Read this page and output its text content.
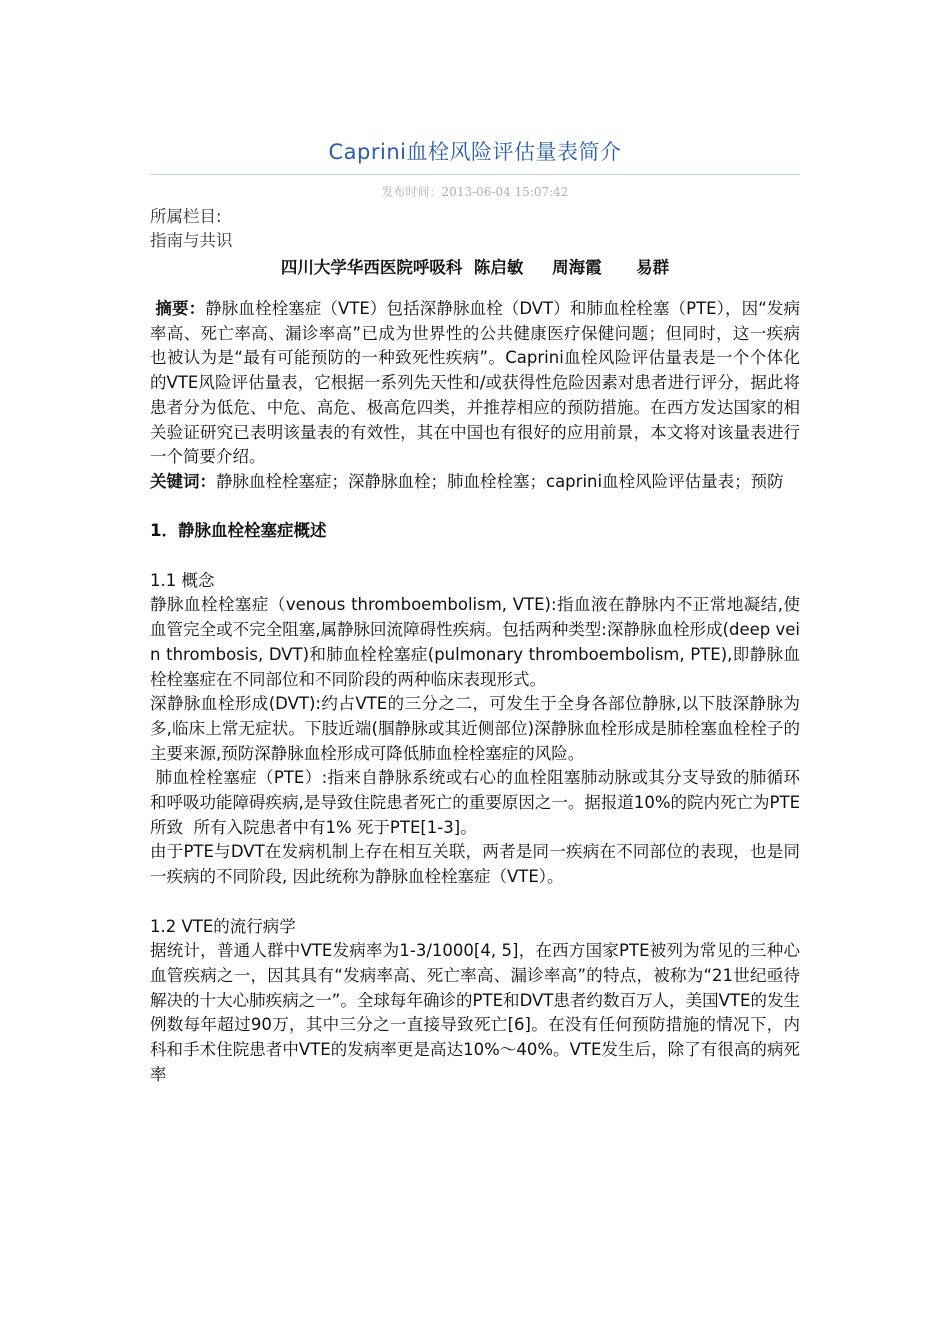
Caprini血栓风险评估量表简介
发布时间：2013-06-04 15:07:42
所属栏目:
指南与共识
四川大学华西医院呼吸科  陈启敏     周海霞      易群

摘要：静脉血栓栓塞症（VTE）包括深静脉血栓（DVT）和肺血栓栓塞（PTE），因“发病率高、死亡率高、漏诊率高”已成为世界性的公共健康医疗保健问题；但同时，这一疾病也被认为是“最有可能预防的一种致死性疾病”。Caprini血栓风险评估量表是一个个体化的VTE风险评估量表，它根据一系列先天性和/或获得性危险因素对患者进行评分，据此将患者分为低危、中危、高危、极高危四类，并推荐相应的预防措施。在西方发达国家的相关验证研究已表明该量表的有效性，其在中国也有很好的应用前景，本文将对该量表进行一个简要介绍。

关键词：静脉血栓栓塞症；深静脉血栓；肺血栓栓塞；caprini血栓风险评估量表；预防

1．静脉血栓栓塞症概述

1.1 概念

静脉血栓栓塞症（venous thromboembolism, VTE):指血液在静脉内不正常地凝结,使血管完全或不完全阻塞,属静脉回流障碍性疾病。包括两种类型:深静脉血栓形成(deep vein thrombosis, DVT)和肺血栓栓塞症(pulmonary thromboembolism, PTE),即静脉血栓栓塞症在不同部位和不同阶段的两种临床表现形式。

深静脉血栓形成(DVT):约占VTE的三分之二，可发生于全身各部位静脉,以下肢深静脉为多,临床上常无症状。下肢近端(腘静脉或其近侧部位)深静脉血栓形成是肺栓塞血栓栓子的主要来源,预防深静脉血栓形成可降低肺血栓栓塞症的风险。

肺血栓栓塞症（PTE）:指来自静脉系统或右心的血栓阻塞肺动脉或其分支导致的肺循环和呼吸功能障碍疾病,是导致住院患者死亡的重要原因之一。据报道10%的院内死亡为PTE所致  所有入院患者中有1% 死于PTE[1-3]。

由于PTE与DVT在发病机制上存在相互关联，两者是同一疾病在不同部位的表现，也是同一疾病的不同阶段, 因此统称为静脉血栓栓塞症（VTE）。

1.2 VTE的流行病学

据统计，普通人群中VTE发病率为1-3/1000[4, 5]，在西方国家PTE被列为常见的三种心血管疾病之一，因其具有“发病率高、死亡率高、漏诊率高”的特点，被称为“21世纪亟待解决的十大心肺疾病之一”。全球每年确诊的PTE和DVT患者约数百万人，美国VTE的发生例数每年超过90万，其中三分之一直接导致死亡[6]。在没有任何预防措施的情况下，内科和手术住院患者中VTE的发病率更是高达10%～40%。VTE发生后，除了有很高的病死率
